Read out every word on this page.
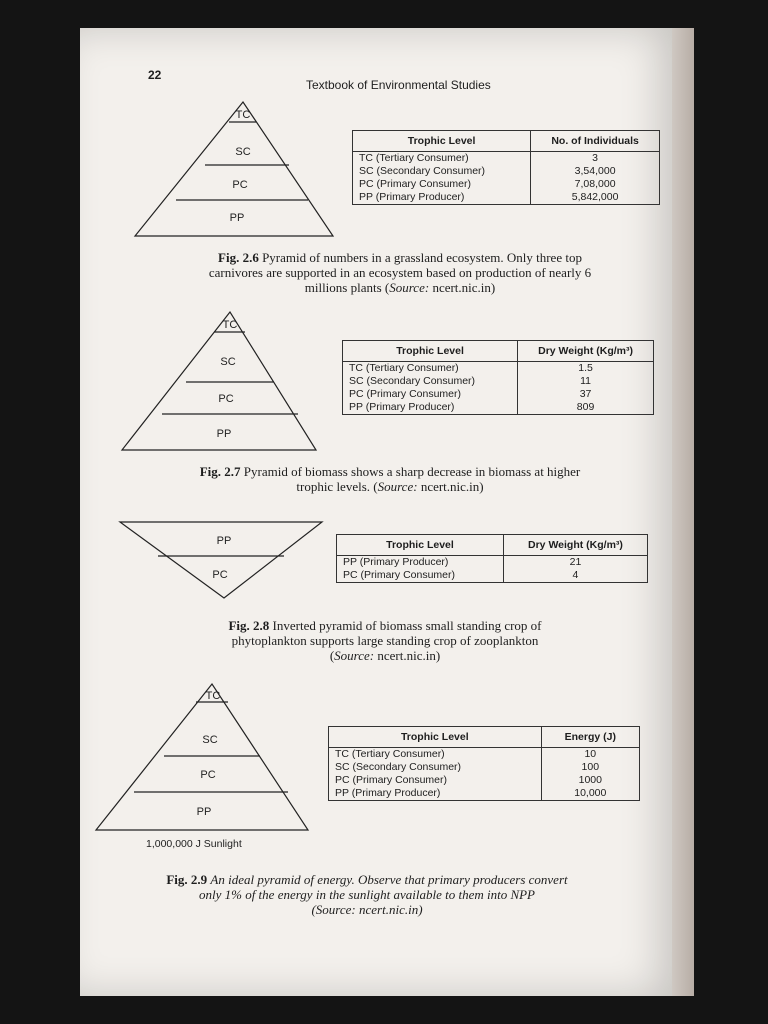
22
Textbook of Environmental Studies
TC
SC
PC
PP
Trophic Level	No. of Individuals
TC (Tertiary Consumer)	3
SC (Secondary Consumer)	3,54,000
PC (Primary Consumer)	7,08,000
PP (Primary Producer)	5,842,000
Fig. 2.6 Pyramid of numbers in a grassland ecosystem. Only three top
carnivores are supported in an ecosystem based on production of nearly 6
millions plants (Source: ncert.nic.in)
TC
SC
PC
PP
Trophic Level	Dry Weight (Kg/m³)
TC (Tertiary Consumer)	1.5
SC (Secondary Consumer)	11
PC (Primary Consumer)	37
PP (Primary Producer)	809
Fig. 2.7 Pyramid of biomass shows a sharp decrease in biomass at higher
trophic levels. (Source: ncert.nic.in)
PP
PC
Trophic Level	Dry Weight (Kg/m³)
PP (Primary Producer)	21
PC (Primary Consumer)	4
Fig. 2.8 Inverted pyramid of biomass small standing crop of
phytoplankton supports large standing crop of zooplankton
(Source: ncert.nic.in)
TC
SC
PC
PP
1,000,000 J Sunlight
Trophic Level	Energy (J)
TC (Tertiary Consumer)	10
SC (Secondary Consumer)	100
PC (Primary Consumer)	1000
PP (Primary Producer)	10,000
Fig. 2.9 An ideal pyramid of energy. Observe that primary producers convert
only 1% of the energy in the sunlight available to them into NPP
(Source: ncert.nic.in)
